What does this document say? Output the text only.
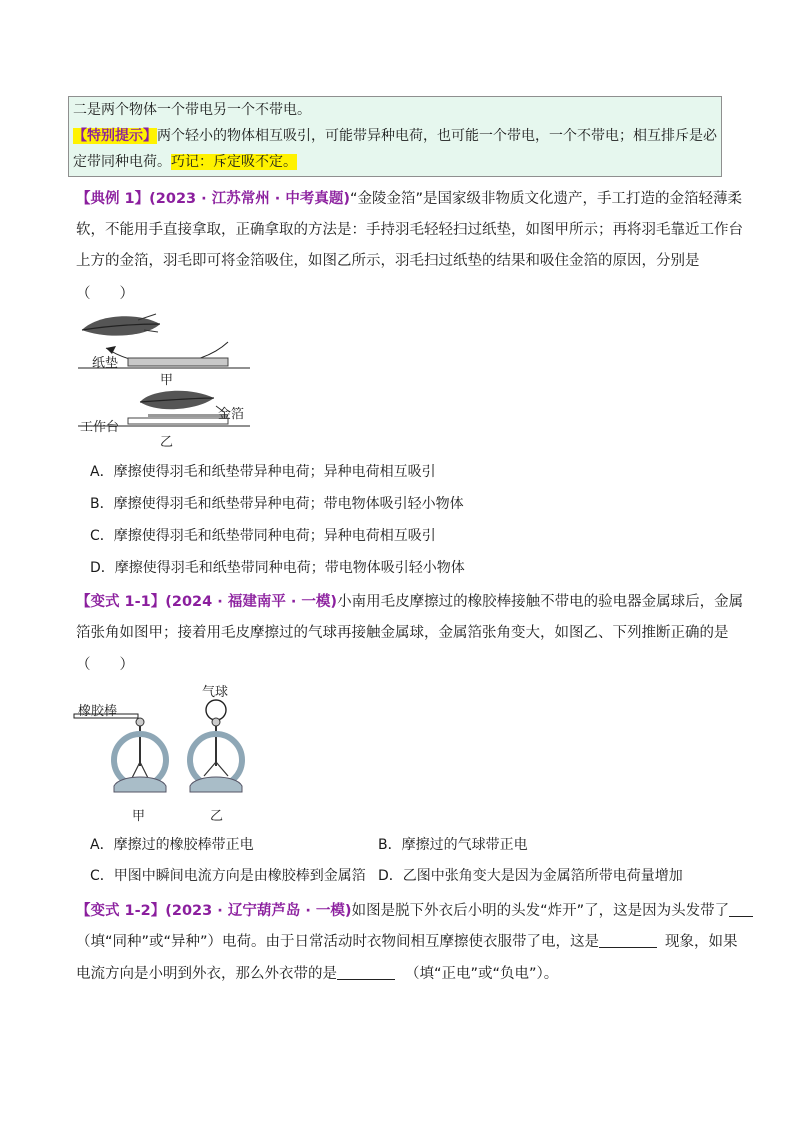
二是两个物体一个带电另一个不带电。
【特别提示】两个轻小的物体相互吸引，可能带异种电荷，也可能一个带电，一个不带电；相互排斥是必
定带同种电荷。巧记：斥定吸不定。
【典例 1】(2023 · 江苏常州 · 中考真题)“金陵金箔”是国家级非物质文化遗产，手工打造的金箔轻薄柔
软，不能用手直接拿取，正确拿取的方法是：手持羽毛轻轻扫过纸垫，如图甲所示；再将羽毛靠近工作台
上方的金箔，羽毛即可将金箔吸住，如图乙所示，羽毛扫过纸垫的结果和吸住金箔的原因，分别是
（　　）
纸垫
甲
工作台
金箔
乙
A．摩擦使得羽毛和纸垫带异种电荷；异种电荷相互吸引
B．摩擦使得羽毛和纸垫带异种电荷；带电物体吸引轻小物体
C．摩擦使得羽毛和纸垫带同种电荷；异种电荷相互吸引
D．摩擦使得羽毛和纸垫带同种电荷；带电物体吸引轻小物体
【变式 1-1】(2024 · 福建南平 · 一模)小南用毛皮摩擦过的橡胶棒接触不带电的验电器金属球后，金属
箔张角如图甲；接着用毛皮摩擦过的气球再接触金属球，金属箔张角变大，如图乙、下列推断正确的是
（　　）
橡胶棒
气球
甲	乙
A．摩擦过的橡胶棒带正电	B．摩擦过的气球带正电
C．甲图中瞬间电流方向是由橡胶棒到金属箔 D．乙图中张角变大是因为金属箔所带电荷量增加
【变式 1-2】(2023 · 辽宁葫芦岛 · 一模)如图是脱下外衣后小明的头发“炸开”了，这是因为头发带了
（填“同种”或“异种”）电荷。由于日常活动时衣物间相互摩擦使衣服带了电，这是	现象，如果
电流方向是小明到外衣，那么外衣带的是	（填“正电”或“负电”）。
